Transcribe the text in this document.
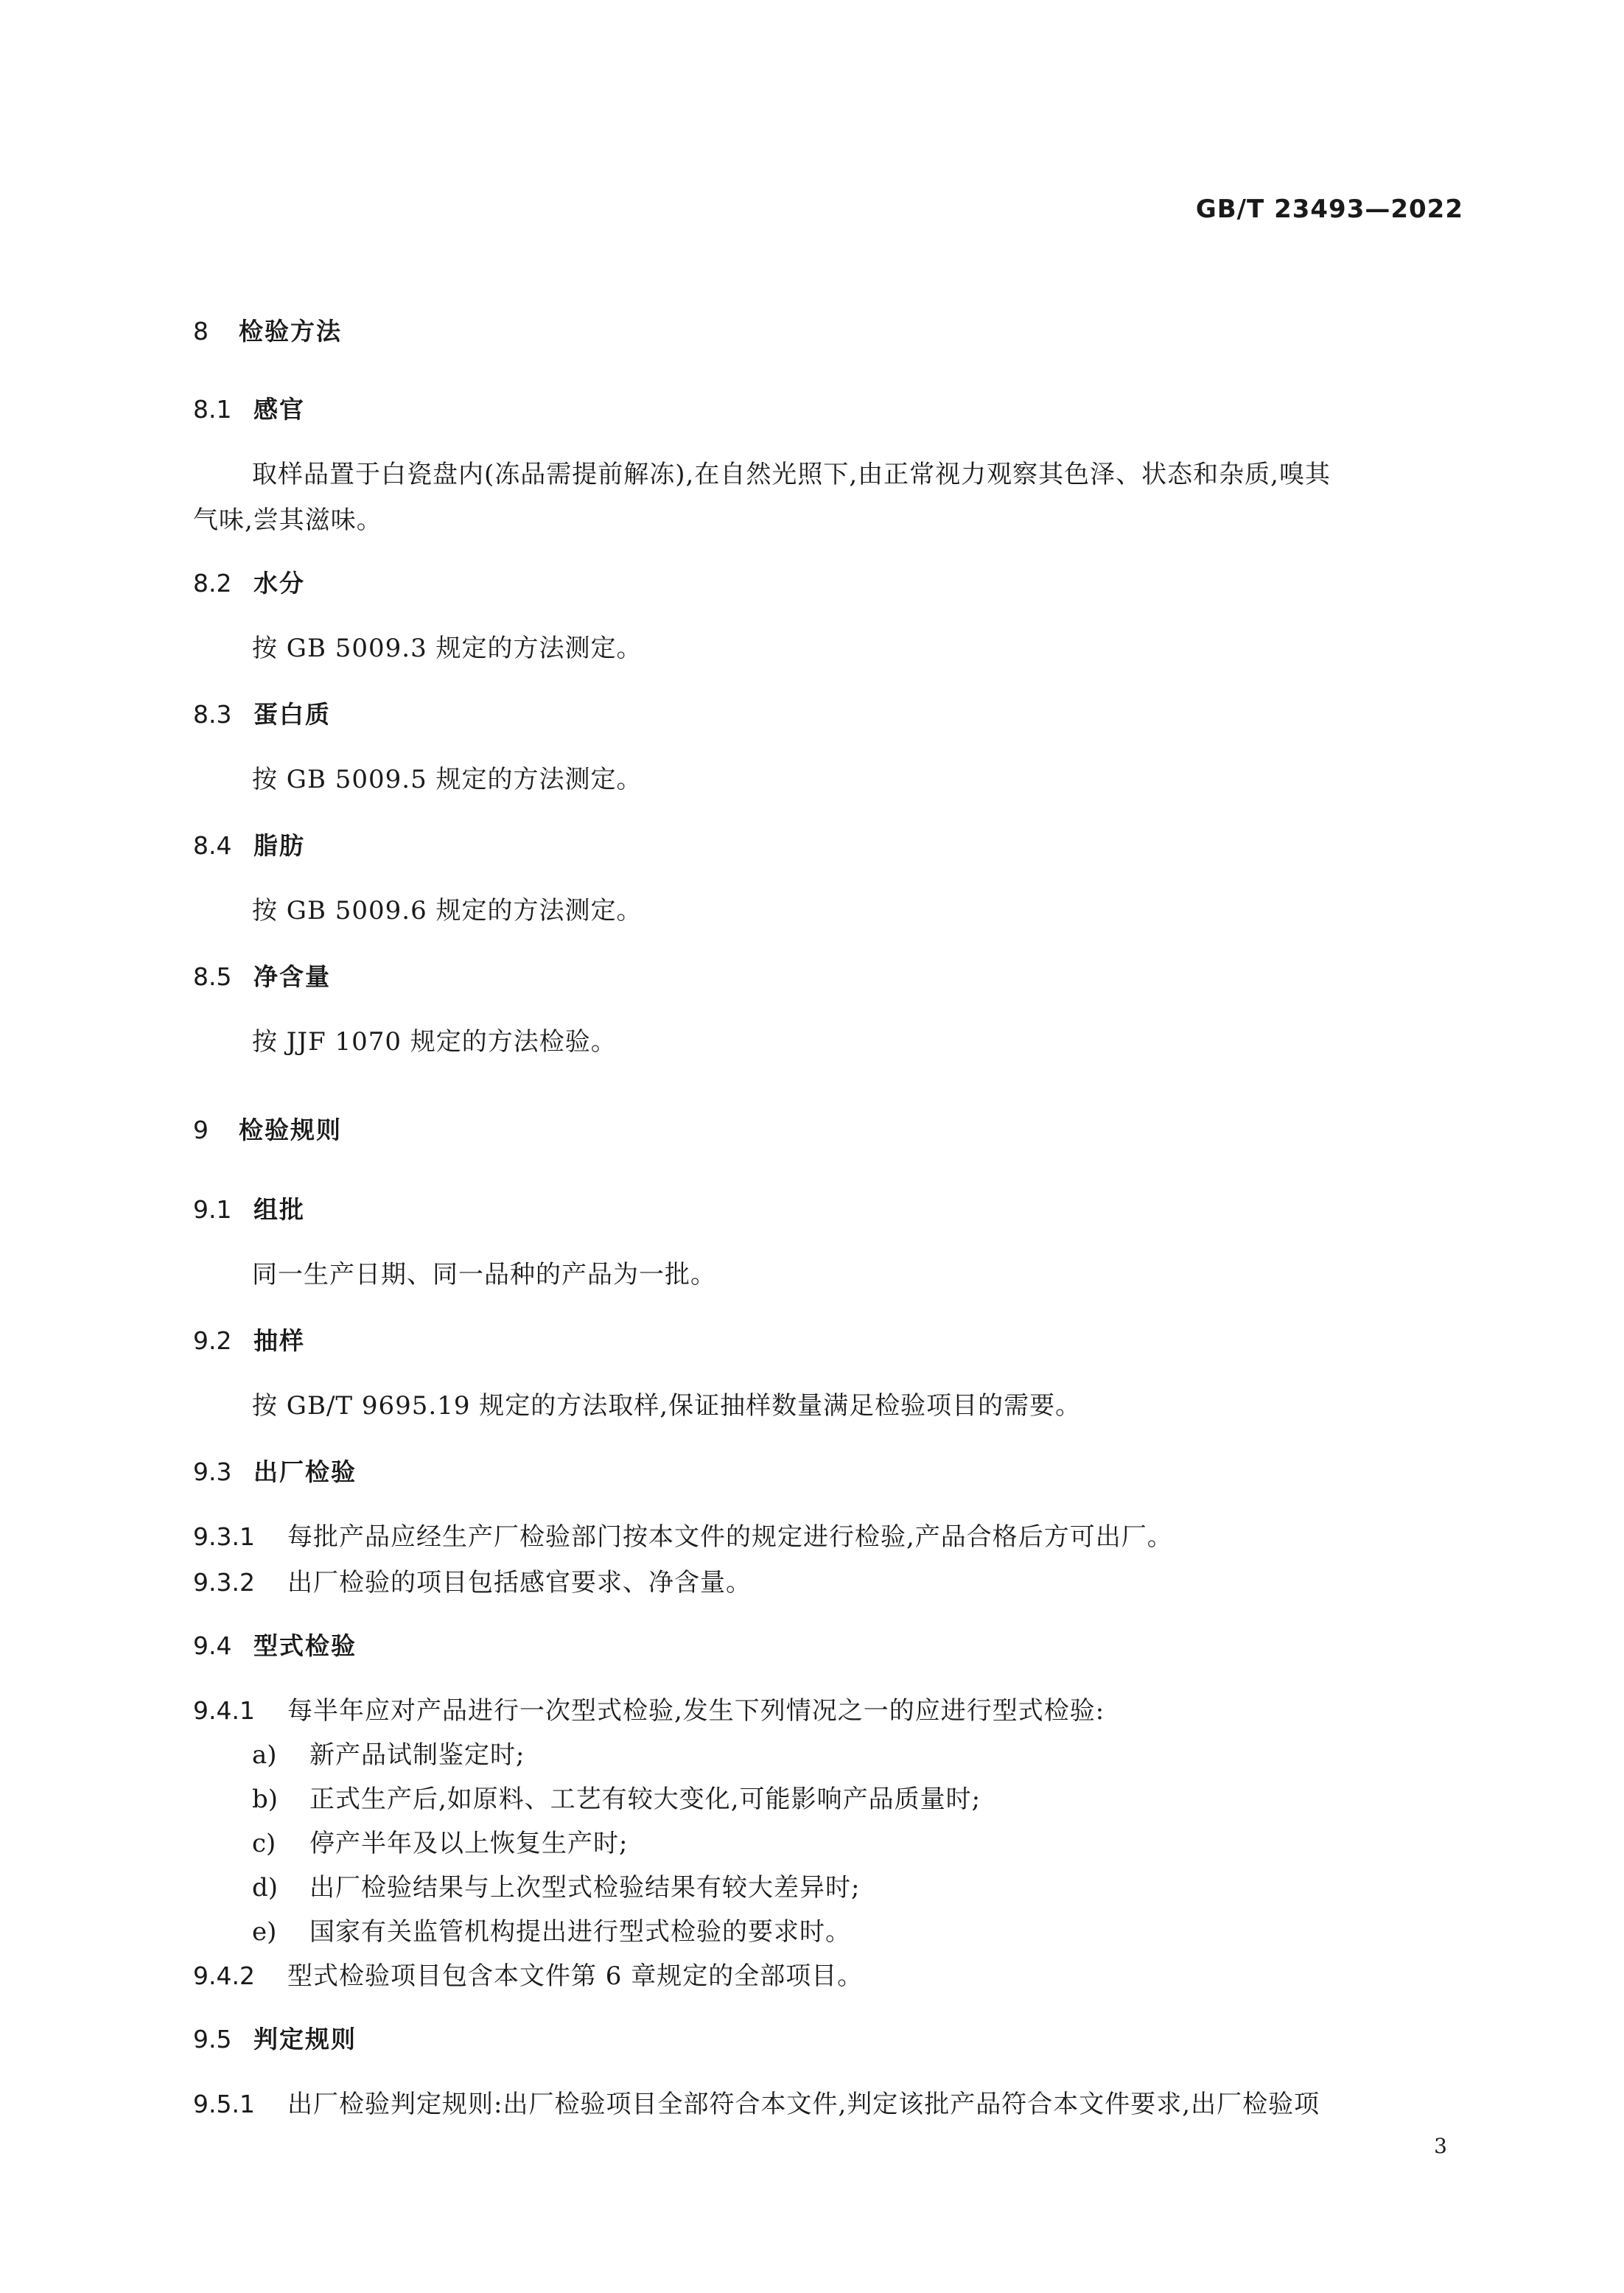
GB/T 23493—2022
8 检验方法
8.1 感官
取样品置于白瓷盘内(冻品需提前解冻),在自然光照下,由正常视力观察其色泽、状态和杂质,嗅其
气味,尝其滋味。
8.2 水分
按 GB 5009.3 规定的方法测定。
8.3 蛋白质
按 GB 5009.5 规定的方法测定。
8.4 脂肪
按 GB 5009.6 规定的方法测定。
8.5 净含量
按 JJF 1070 规定的方法检验。
9 检验规则
9.1 组批
同一生产日期、同一品种的产品为一批。
9.2 抽样
按 GB/T 9695.19 规定的方法取样,保证抽样数量满足检验项目的需要。
9.3 出厂检验
9.3.1 每批产品应经生产厂检验部门按本文件的规定进行检验,产品合格后方可出厂。
9.3.2 出厂检验的项目包括感官要求、净含量。
9.4 型式检验
9.4.1 每半年应对产品进行一次型式检验,发生下列情况之一的应进行型式检验:
a) 新产品试制鉴定时;
b) 正式生产后,如原料、工艺有较大变化,可能影响产品质量时;
c) 停产半年及以上恢复生产时;
d) 出厂检验结果与上次型式检验结果有较大差异时;
e) 国家有关监管机构提出进行型式检验的要求时。
9.4.2 型式检验项目包含本文件第 6 章规定的全部项目。
9.5 判定规则
9.5.1 出厂检验判定规则:出厂检验项目全部符合本文件,判定该批产品符合本文件要求,出厂检验项
3
